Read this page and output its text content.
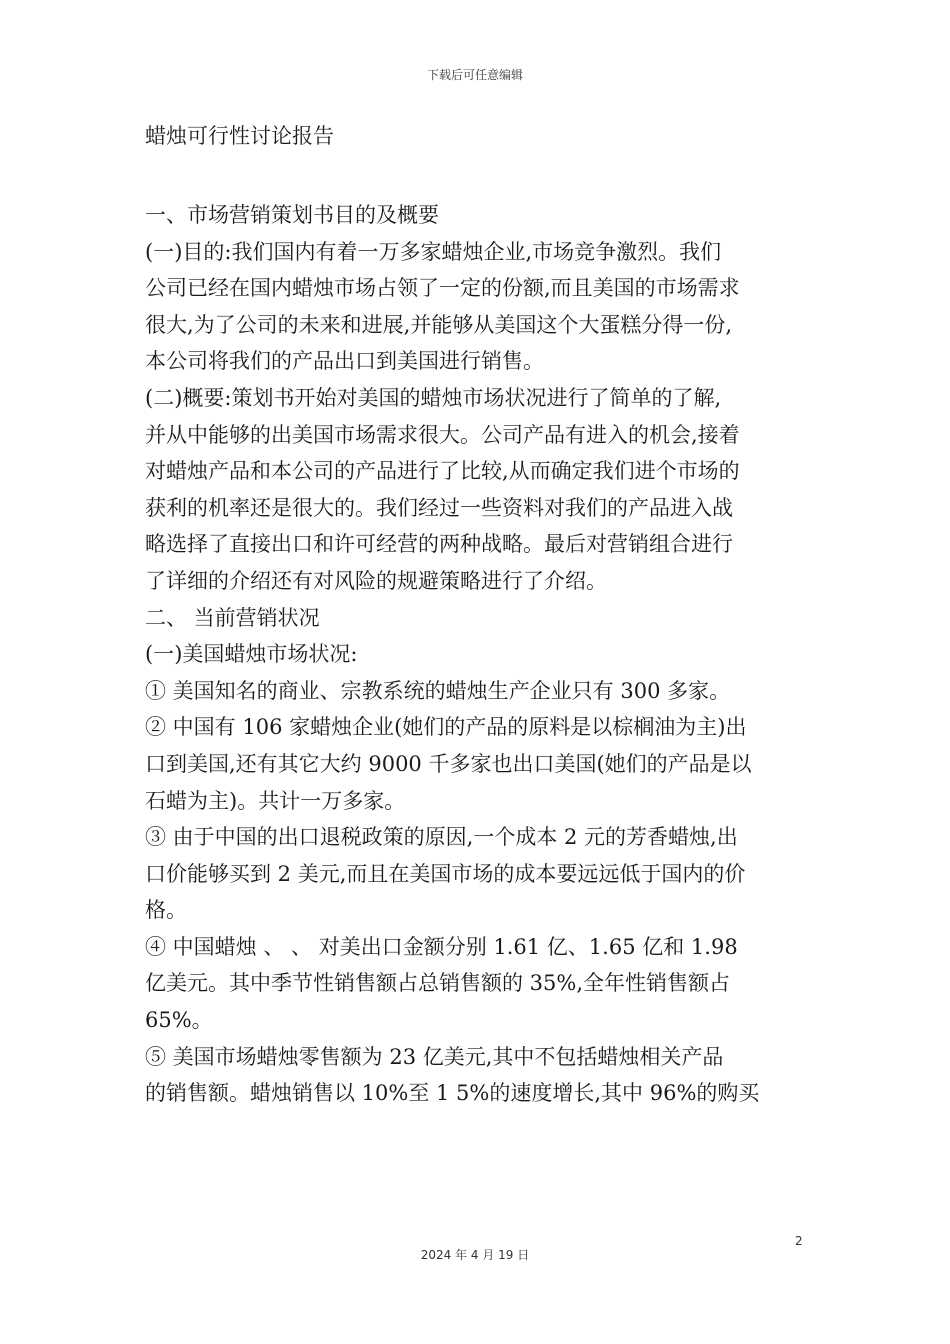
下载后可任意编辑
蜡烛可行性讨论报告
一、市场营销策划书目的及概要
(一)目的:我们国内有着一万多家蜡烛企业,市场竞争激烈。我们
公司已经在国内蜡烛市场占领了一定的份额,而且美国的市场需求
很大,为了公司的未来和进展,并能够从美国这个大蛋糕分得一份,
本公司将我们的产品出口到美国进行销售。
(二)概要:策划书开始对美国的蜡烛市场状况进行了简单的了解,
并从中能够的出美国市场需求很大。公司产品有进入的机会,接着
对蜡烛产品和本公司的产品进行了比较,从而确定我们进个市场的
获利的机率还是很大的。我们经过一些资料对我们的产品进入战
略选择了直接出口和许可经营的两种战略。最后对营销组合进行
了详细的介绍还有对风险的规避策略进行了介绍。
二、 当前营销状况
(一)美国蜡烛市场状况:
① 美国知名的商业、宗教系统的蜡烛生产企业只有 300 多家。
② 中国有 106 家蜡烛企业(她们的产品的原料是以棕榈油为主)出
口到美国,还有其它大约 9000 千多家也出口美国(她们的产品是以
石蜡为主)。共计一万多家。
③ 由于中国的出口退税政策的原因,一个成本 2 元的芳香蜡烛,出
口价能够买到 2 美元,而且在美国市场的成本要远远低于国内的价
格。
④ 中国蜡烛 、 、 对美出口金额分别 1.61 亿、1.65 亿和 1.98
亿美元。其中季节性销售额占总销售额的 35%,全年性销售额占
65%。
⑤ 美国市场蜡烛零售额为 23 亿美元,其中不包括蜡烛相关产品
的销售额。蜡烛销售以 10%至 1 5%的速度增长,其中 96%的购买
2
2024 年 4 月 19 日
